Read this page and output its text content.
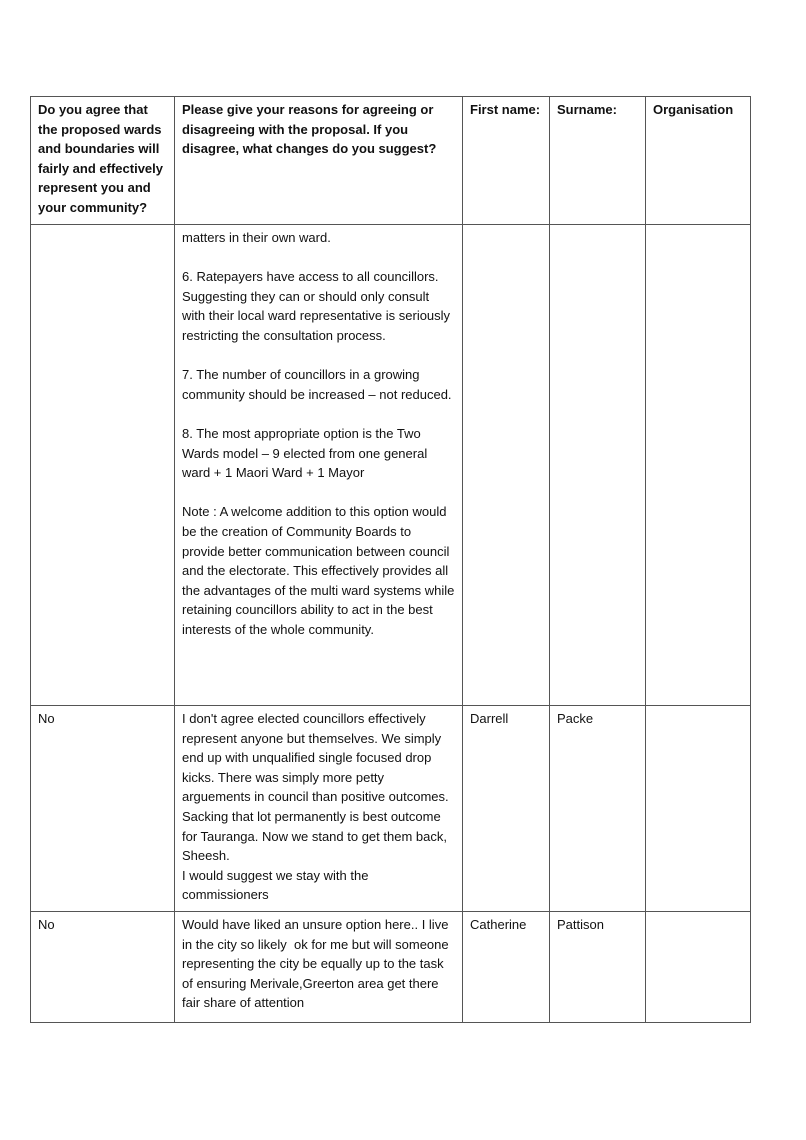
Do you agree that the proposed wards and boundaries will fairly and effectively represent you and your community?	Please give your reasons for agreeing or disagreeing with the proposal. If you disagree, what changes do you suggest?	First name:	Surname:	Organisation

	matters in their own ward.

6. Ratepayers have access to all councillors. Suggesting they can or should only consult with their local ward representative is seriously restricting the consultation process.

7. The number of councillors in a growing community should be increased – not reduced.

8. The most appropriate option is the Two Wards model – 9 elected from one general ward + 1 Maori Ward + 1 Mayor

Note : A welcome addition to this option would be the creation of Community Boards to provide better communication between council and the electorate. This effectively provides all the advantages of the multi ward systems while retaining councillors ability to act in the best interests of the whole community.			

No	I don't agree elected councillors effectively represent anyone but themselves. We simply end up with unqualified single focused drop kicks. There was simply more petty arguements in council than positive outcomes. Sacking that lot permanently is best outcome for Tauranga. Now we stand to get them back, Sheesh.

I would suggest we stay with the commissioners	Darrell	Packe	
No	Would have liked an unsure option here.. I live in the city so likely  ok for me but will someone representing the city be equally up to the task of ensuring Merivale,Greerton area get there fair share of attention	Catherine	Pattison	
